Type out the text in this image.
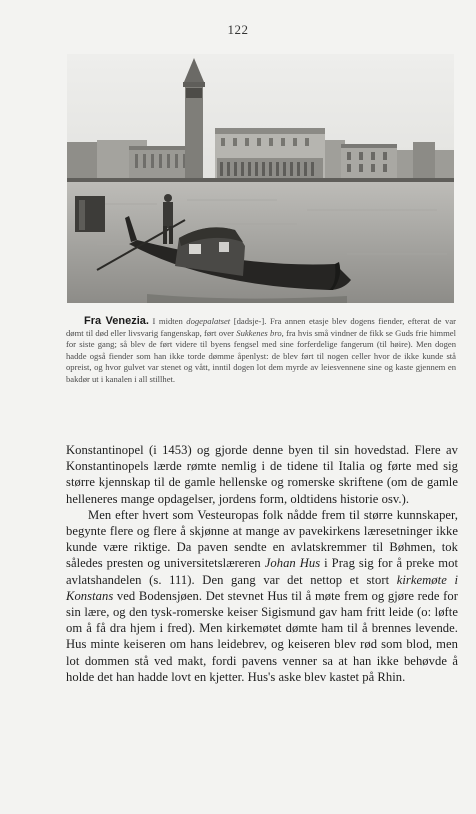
122
Fra Venezia. I midten dogepalatset [dadsje-]. Fra annen etasje blev dogens fiender, efterat de var dømt til død eller livsvarig fangenskap, ført over Sukkenes bro, fra hvis små vindner de fikk se Guds frie himmel for siste gang; så blev de ført videre til byens fengsel med sine forferdelige fangerum (til høire). Men dogen hadde også fiender som han ikke torde dømme åpenlyst: de blev ført til nogen celler hvor de ikke kunde stå opreist, og hvor gulvet var stenet og vått, inntil dogen lot dem myrde av leiesvennene sine og kaste gjennem en bakdør ut i kanalen i all stillhet.

Konstantinopel (i 1453) og gjorde denne byen til sin hovedstad. Flere av Konstantinopels lærde rømte nemlig i de tidene til Italia og førte med sig større kjennskap til de gamle hellenske og romerske skriftene (om de gamle helleneres mange opdagelser, jordens form, oldtidens historie osv.).

Men efter hvert som Vesteuropas folk nådde frem til større kunnskaper, begynte flere og flere å skjønne at mange av pavekirkens læresetninger ikke kunde være riktige. Da paven sendte en avlatskremmer til Bøhmen, tok således presten og universitetslæreren Johan Hus i Prag sig for å preke mot avlatshandelen (s. 111). Den gang var det nettop et stort kirkemøte i Konstans ved Bodensjøen. Det stevnet Hus til å møte frem og gjøre rede for sin lære, og den tysk-romerske keiser Sigismund gav ham fritt leide (o: løfte om å få dra hjem i fred). Men kirkemøtet dømte ham til å brennes levende. Hus minte keiseren om hans leidebrev, og keiseren blev rød som blod, men lot dommen stå ved makt, fordi pavens venner sa at han ikke behøvde å holde det han hadde lovt en kjetter. Hus's aske blev kastet på Rhin.
